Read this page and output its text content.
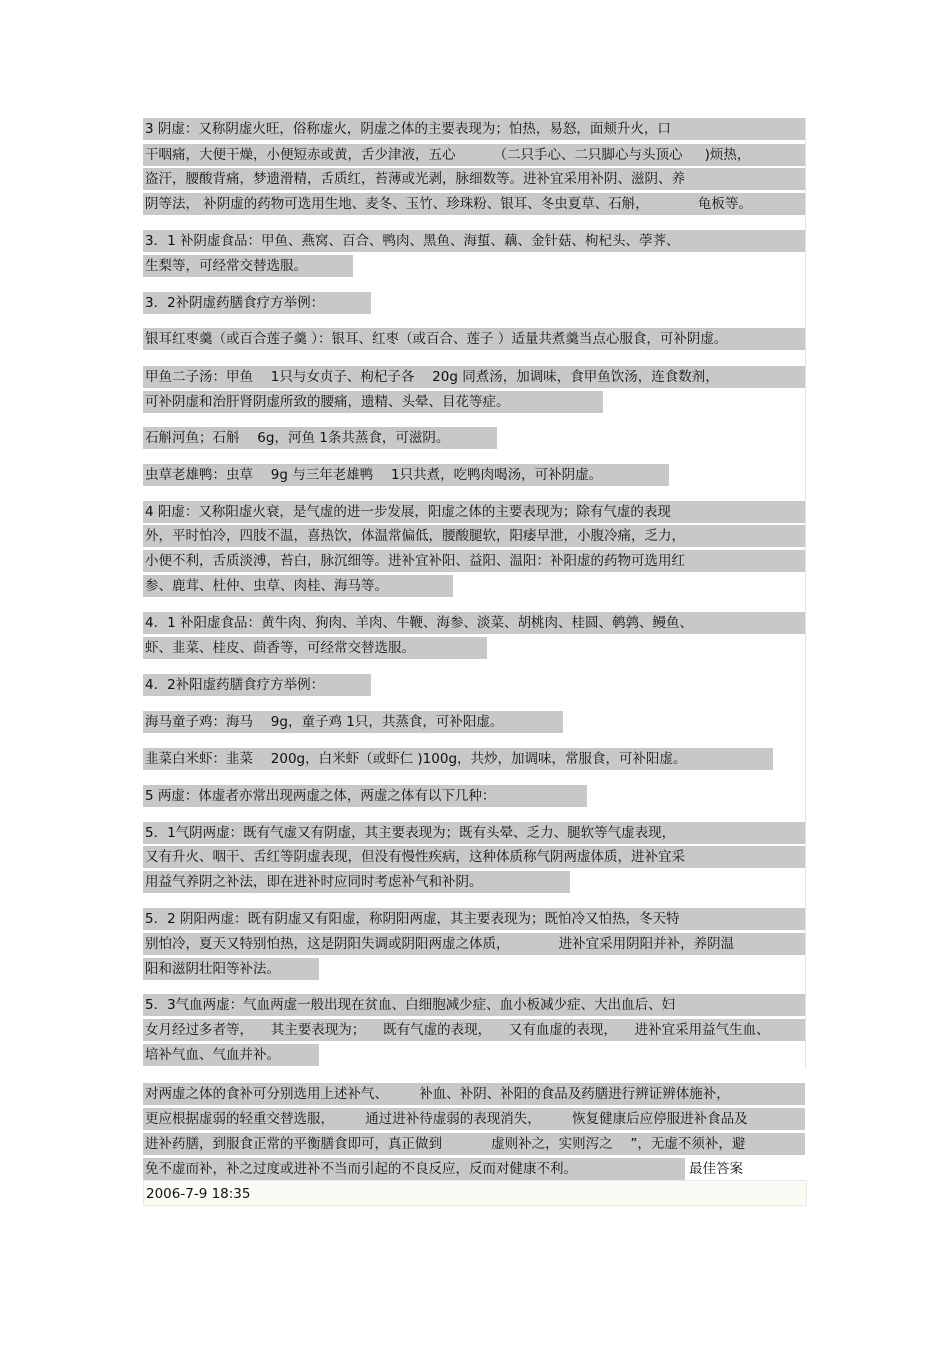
3 阴虚：又称阴虚火旺，俗称虚火，阴虚之体的主要表现为；怕热，易怒，面颊升火，口
干咽痛，大便干燥，小便短赤或黄，舌少津液，五心 　　　（二只手心、二只脚心与头顶心 　 )烦热，
盗汗，腰酸背痛，梦遗滑精，舌质红，苔薄或光剥，脉细数等。进补宜采用补阴、滋阴、养
阴等法， 补阴虚的药物可选用生地、麦冬、玉竹、珍珠粉、银耳、冬虫夏草、石斛， 　　　 龟板等。
3．1 补阴虚食品：甲鱼、燕窝、百合、鸭肉、黑鱼、海蜇、藕、金针菇、枸杞头、荸荠、
生梨等，可经常交替选服。
3．2补阴虚药膳食疗方举例：
银耳红枣羹（或百合莲子羹 ）：银耳、红枣（或百合、莲子 ）适量共煮羹当点心服食，可补阴虚。
甲鱼二子汤：甲鱼 　1只与女贞子、枸杞子各 　20g 同煮汤，加调味，食甲鱼饮汤，连食数剂，
可补阴虚和治肝肾阴虚所致的腰痛，遗精、头晕、目花等症。
石斛河鱼；石斛 　6g，河鱼 1条共蒸食，可滋阴。
虫草老雄鸭：虫草 　9g 与三年老雄鸭 　1只共煮，吃鸭肉喝汤，可补阴虚。
4 阳虚：又称阳虚火衰，是气虚的进一步发展，阳虚之体的主要表现为；除有气虚的表现
外，平时怕冷，四肢不温，喜热饮，体温常偏低，腰酸腿软，阳痿早泄，小腹冷痛，乏力，
小便不利，舌质淡溥，苔白，脉沉细等。进补宜补阳、益阳、温阳：补阳虚的药物可选用红
参、鹿茸、杜仲、虫草、肉桂、海马等。
4．1 补阳虚食品：黄牛肉、狗肉、羊肉、牛鞭、海参、淡菜、胡桃肉、桂圆、鹌鹑、鳗鱼、
虾、韭菜、桂皮、茴香等，可经常交替选服。
4．2补阳虚药膳食疗方举例：
海马童子鸡：海马 　9g，童子鸡 1只，共蒸食，可补阳虚。
韭菜白米虾：韭菜 　200g，白米虾（或虾仁 )100g，共炒，加调味，常服食，可补阳虚。
5 两虚：体虚者亦常出现两虚之体，两虚之体有以下几种：
5．1气阴两虚：既有气虚又有阴虚，其主要表现为；既有头晕、乏力、腿软等气虚表现，
又有升火、咽干、舌红等阴虚表现，但没有慢性疾病，这种体质称气阴两虚体质，进补宜采
用益气养阴之补法，即在进补时应同时考虑补气和补阴。
5．2 阴阳两虚：既有阴虚又有阳虚，称阴阳两虚，其主要表现为；既怕冷又怕热，冬天特
别怕冷，夏天又特别怕热，这是阴阳失调或阴阳两虚之体质， 　　　 进补宜采用阴阳并补，养阴温
阳和滋阴壮阳等补法。
5．3气血两虚：气血两虚一般出现在贫血、白细胞减少症、血小板减少症、大出血后、妇
女月经过多者等， 　其主要表现为； 　既有气虚的表现， 　又有血虚的表现， 　进补宜采用益气生血、
培补气血、气血并补。
对两虚之体的食补可分别选用上述补气、 　　补血、补阴、补阳的食品及药膳进行辨证辨体施补，
更应根据虚弱的轻重交替选服， 　　通过进补待虚弱的表现消失， 　　恢复健康后应停服进补食品及
进补药膳，到服食正常的平衡膳食即可，真正做到 　　　 虚则补之，实则泻之 　”，无虚不须补，避
免不虚而补，补之过度或进补不当而引起的不良反应，反而对健康不利。	最佳答案
2006-7-9 18:35
